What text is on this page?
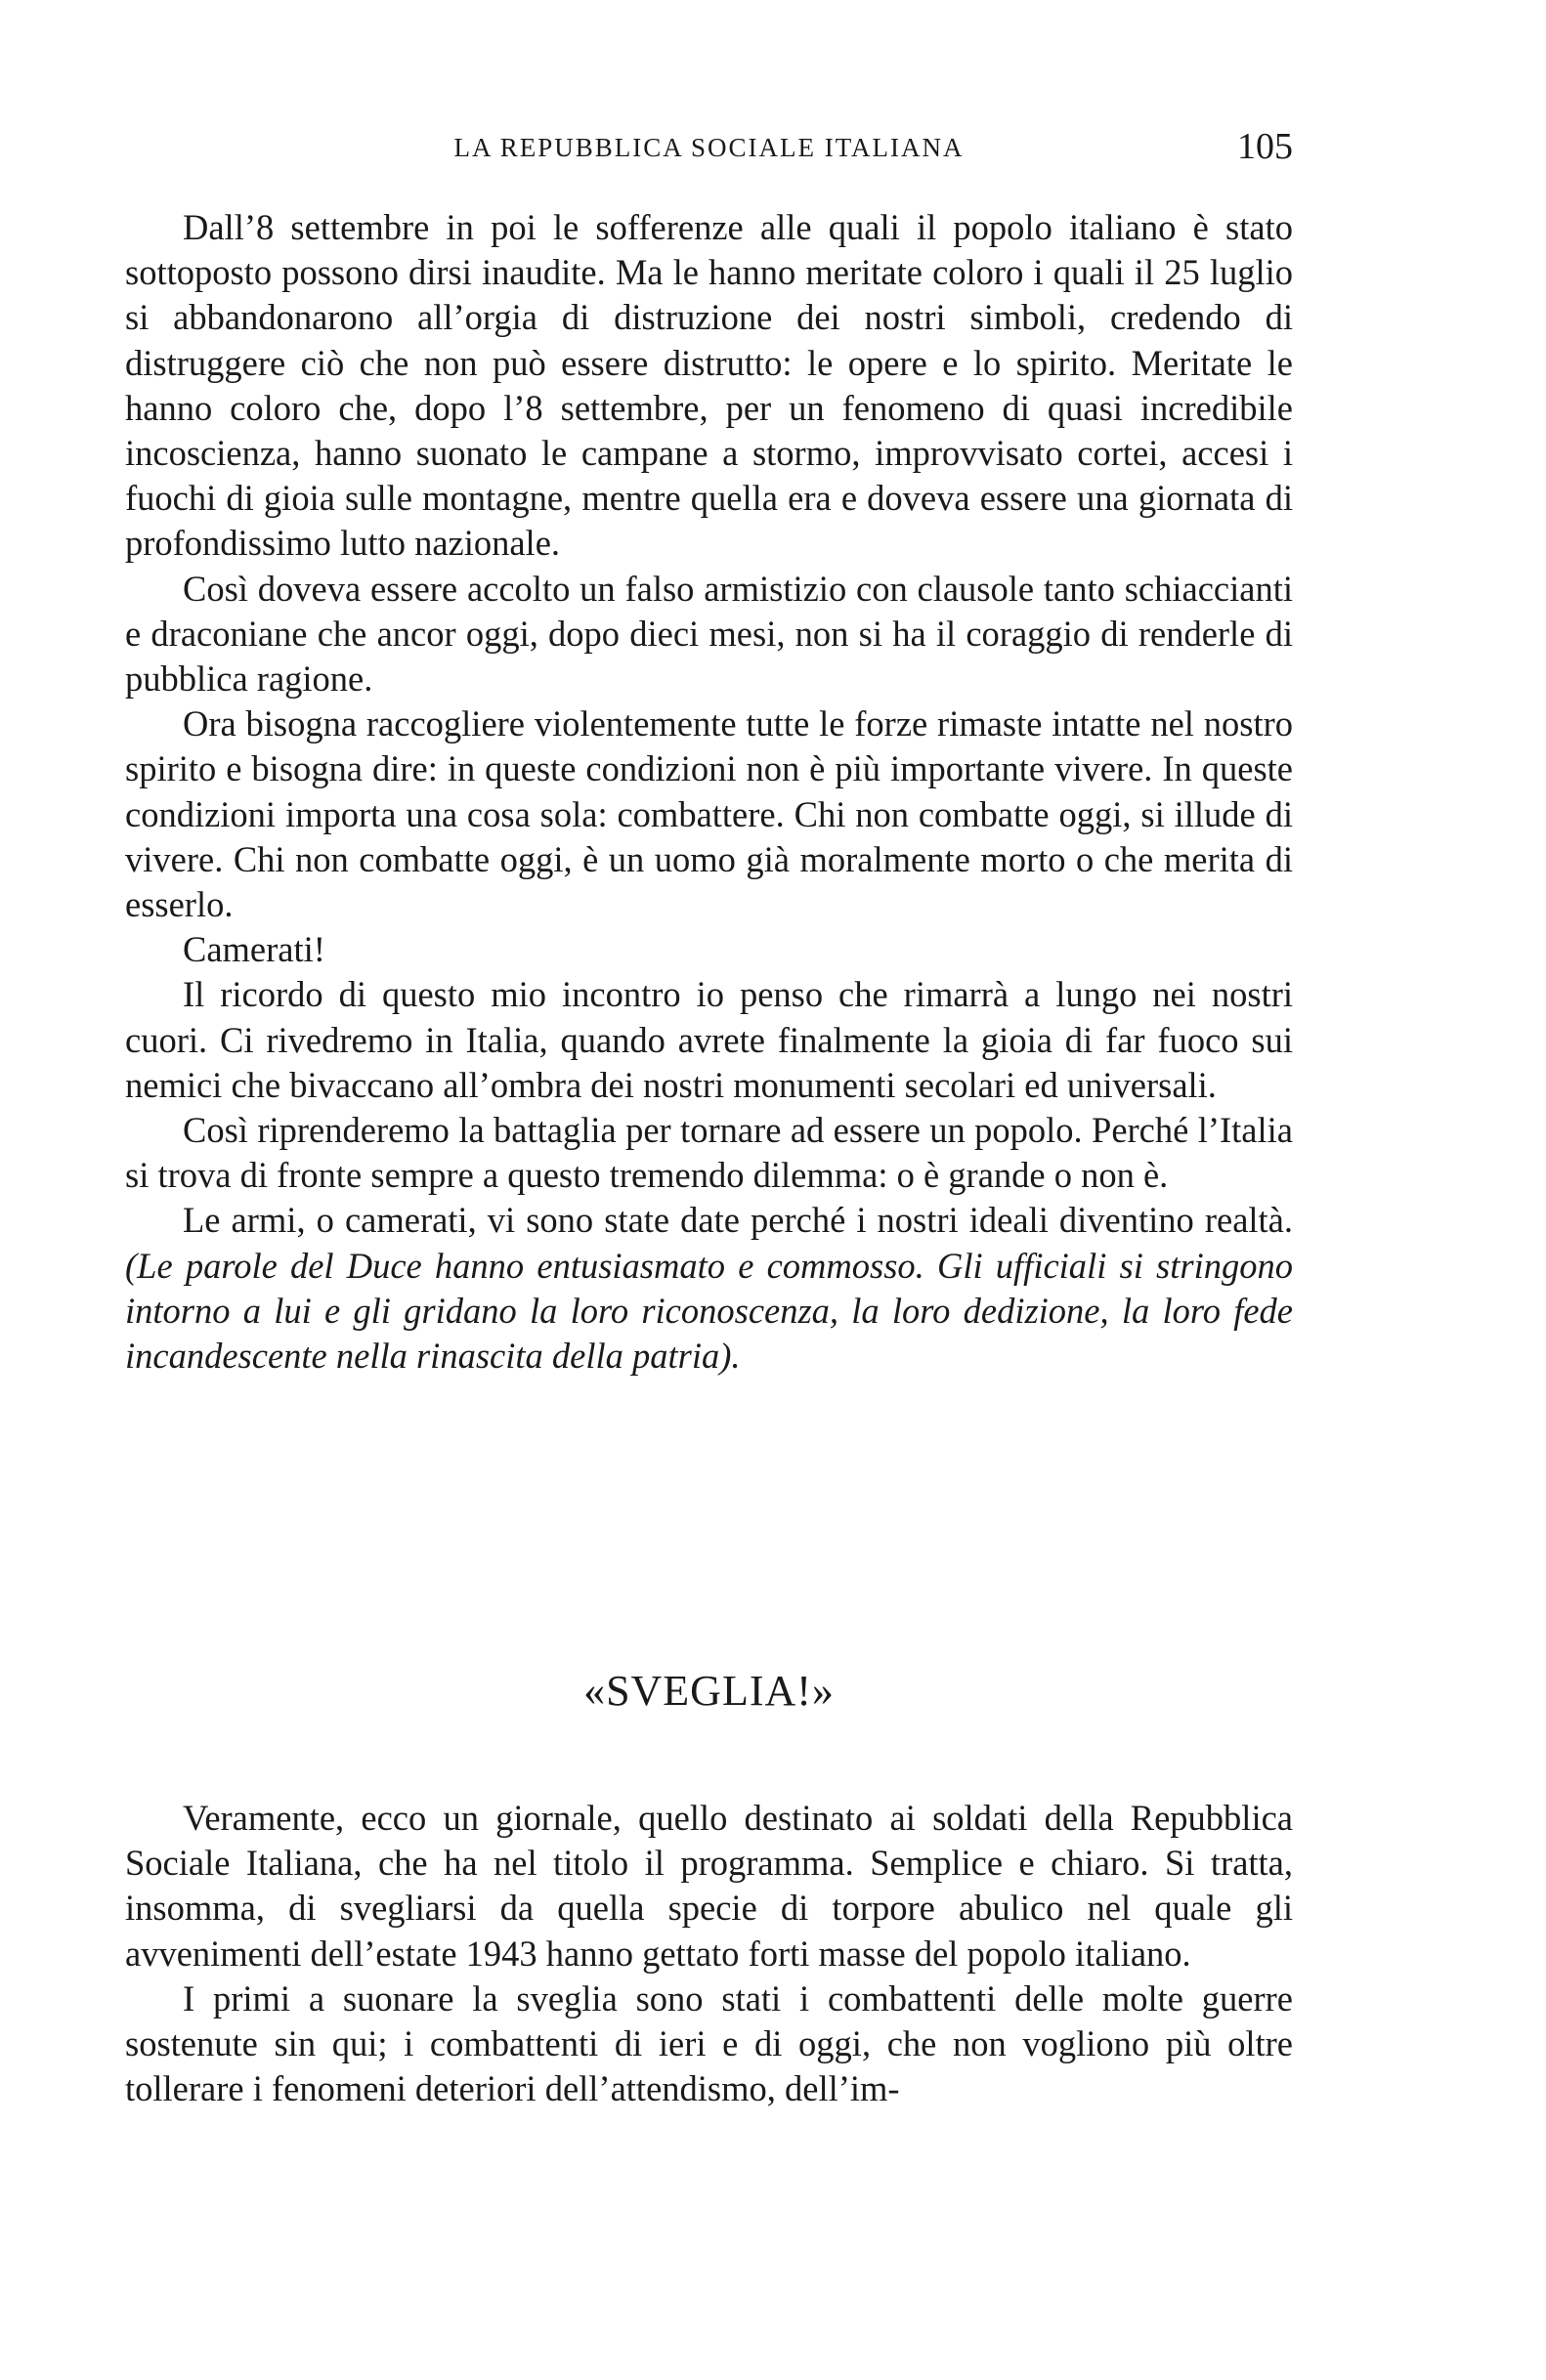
LA REPUBBLICA SOCIALE ITALIANA	105

Dall’8 settembre in poi le sofferenze alle quali il popolo italiano è stato sottoposto possono dirsi inaudite. Ma le hanno meritate coloro i quali il 25 luglio si abbandonarono all’orgia di distruzione dei nostri simboli, credendo di distruggere ciò che non può essere distrutto: le opere e lo spirito. Meritate le hanno coloro che, dopo l’8 settembre, per un fenomeno di quasi incredibile incoscienza, hanno suonato le campane a stormo, improvvisato cortei, accesi i fuochi di gioia sulle montagne, mentre quella era e doveva essere una giornata di profondissimo lutto nazionale.

Così doveva essere accolto un falso armistizio con clausole tanto schiaccianti e draconiane che ancor oggi, dopo dieci mesi, non si ha il coraggio di renderle di pubblica ragione.

Ora bisogna raccogliere violentemente tutte le forze rimaste intatte nel nostro spirito e bisogna dire: in queste condizioni non è più importante vivere. In queste condizioni importa una cosa sola: combattere. Chi non combatte oggi, si illude di vivere. Chi non combatte oggi, è un uomo già moralmente morto o che merita di esserlo.

Camerati!

Il ricordo di questo mio incontro io penso che rimarrà a lungo nei nostri cuori. Ci rivedremo in Italia, quando avrete finalmente la gioia di far fuoco sui nemici che bivaccano all’ombra dei nostri monumenti secolari ed universali.

Così riprenderemo la battaglia per tornare ad essere un popolo. Perché l’Italia si trova di fronte sempre a questo tremendo dilemma: o è grande o non è.

Le armi, o camerati, vi sono state date perché i nostri ideali diventino realtà. (Le parole del Duce hanno entusiasmato e commosso. Gli ufficiali si stringono intorno a lui e gli gridano la loro riconoscenza, la loro dedizione, la loro fede incandescente nella rinascita della patria).

«SVEGLIA!»

Veramente, ecco un giornale, quello destinato ai soldati della Repubblica Sociale Italiana, che ha nel titolo il programma. Semplice e chiaro. Si tratta, insomma, di svegliarsi da quella specie di torpore abulico nel quale gli avvenimenti dell’estate 1943 hanno gettato forti masse del popolo italiano.

I primi a suonare la sveglia sono stati i combattenti delle molte guerre sostenute sin qui; i combattenti di ieri e di oggi, che non vogliono più oltre tollerare i fenomeni deteriori dell’attendismo, dell’im-
